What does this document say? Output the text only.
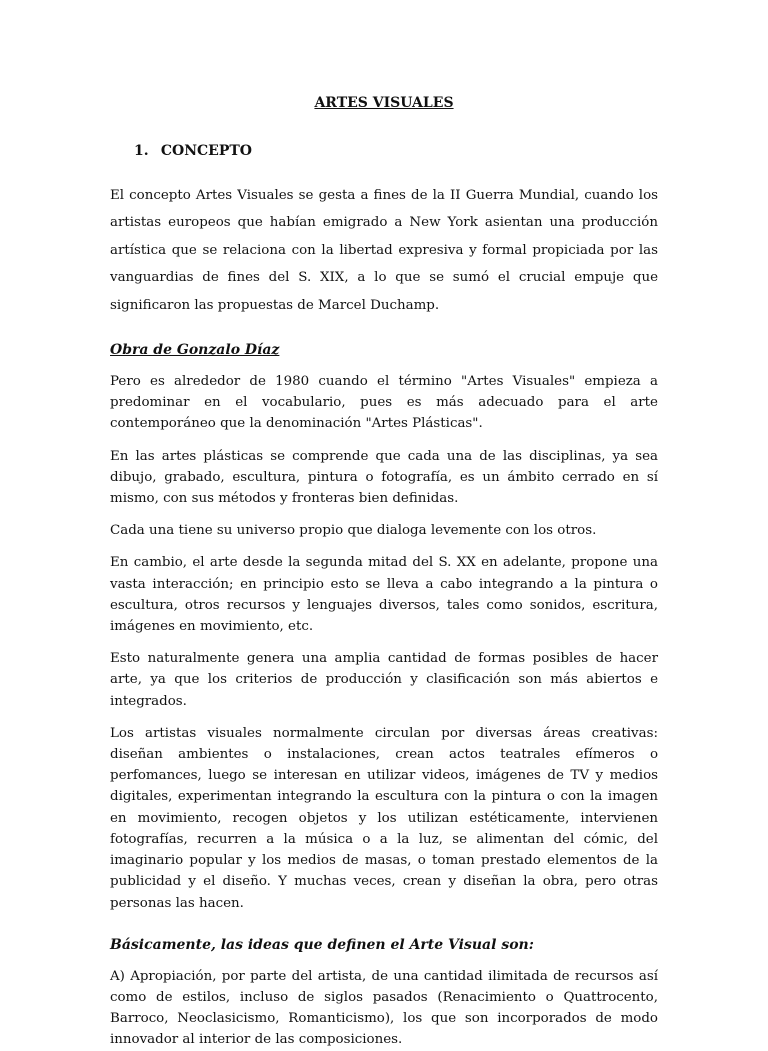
ARTES VISUALES
1. CONCEPTO

El concepto Artes Visuales se gesta a fines de la II Guerra Mundial, cuando los artistas europeos que habían emigrado a New York asientan una producción artística que se relaciona con la libertad expresiva y formal propiciada por las vanguardias de fines del S. XIX, a lo que se sumó el crucial empuje que significaron las propuestas de Marcel Duchamp.

Obra de Gonzalo Díaz

Pero es alrededor de 1980 cuando el término "Artes Visuales" empieza a predominar en el vocabulario, pues es más adecuado para el arte contemporáneo que la denominación "Artes Plásticas".

En las artes plásticas se comprende que cada una de las disciplinas, ya sea dibujo, grabado, escultura, pintura o fotografía, es un ámbito cerrado en sí mismo, con sus métodos y fronteras bien definidas.

Cada una tiene su universo propio que dialoga levemente con los otros.

En cambio, el arte desde la segunda mitad del S. XX en adelante, propone una vasta interacción; en principio esto se lleva a cabo integrando a la pintura o escultura, otros recursos y lenguajes diversos, tales como sonidos, escritura, imágenes en movimiento, etc.

Esto naturalmente genera una amplia cantidad de formas posibles de hacer arte, ya que los criterios de producción y clasificación son más abiertos e integrados.

Los artistas visuales normalmente circulan por diversas áreas creativas: diseñan ambientes o instalaciones, crean actos teatrales efímeros o perfomances, luego se interesan en utilizar videos, imágenes de TV y medios digitales, experimentan integrando la escultura con la pintura o con la imagen en movimiento, recogen objetos y los utilizan estéticamente, intervienen fotografías, recurren a la música o a la luz, se alimentan del cómic, del imaginario popular y los medios de masas, o toman prestado elementos de la publicidad y el diseño. Y muchas veces, crean y diseñan la obra, pero otras personas las hacen.

Básicamente, las ideas que definen el Arte Visual son:

A) Apropiación, por parte del artista, de una cantidad ilimitada de recursos así como de estilos, incluso de siglos pasados (Renacimiento o Quattrocento, Barroco, Neoclasicismo, Romanticismo), los que son incorporados de modo innovador al interior de las composiciones.
